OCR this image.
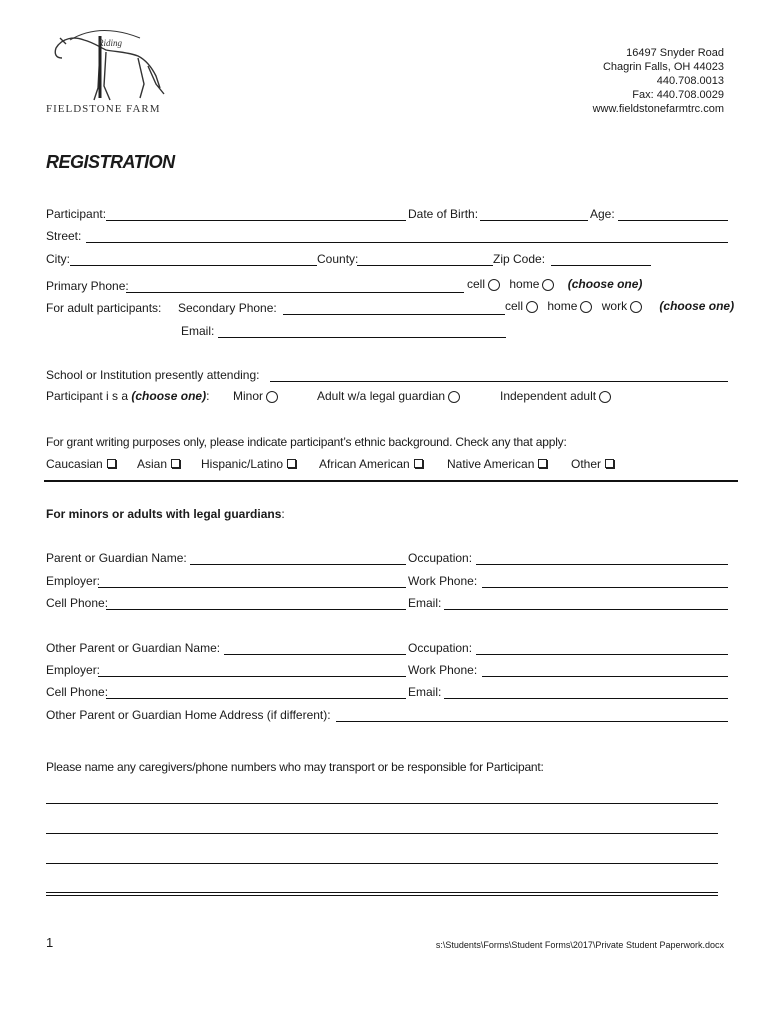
Riding
FIELDSTONE FARM
16497 Snyder Road
Chagrin Falls, OH 44023
440.708.0013
Fax: 440.708.0029
www.fieldstonefarmtrc.com
REGISTRATION
Participant:	Date of Birth:	Age:
Street:
City:	County:	Zip Code:
Primary Phone:	cell home (choose one)
For adult participants: Secondary Phone:	cell home work	(choose one)
Email:
School or Institution presently attending:
Participant i s a (choose one): Minor	Adult w/a legal guardian	Independent adult
For grant writing purposes only, please indicate participant’s ethnic background. Check any that apply:
Caucasian	Asian	Hispanic/Latino	African American	Native American	Other
For minors or adults with legal guardians:
Parent or Guardian Name:	Occupation:
Employer:	Work Phone:
Cell Phone:	Email:
Other Parent or Guardian Name:	Occupation:
Employer:	Work Phone:
Cell Phone:	Email:
Other Parent or Guardian Home Address (if different):
Please name any caregivers/phone numbers who may transport or be responsible for Participant:
1	s:\Students\Forms\Student Forms\2017\Private Student Paperwork.docx
